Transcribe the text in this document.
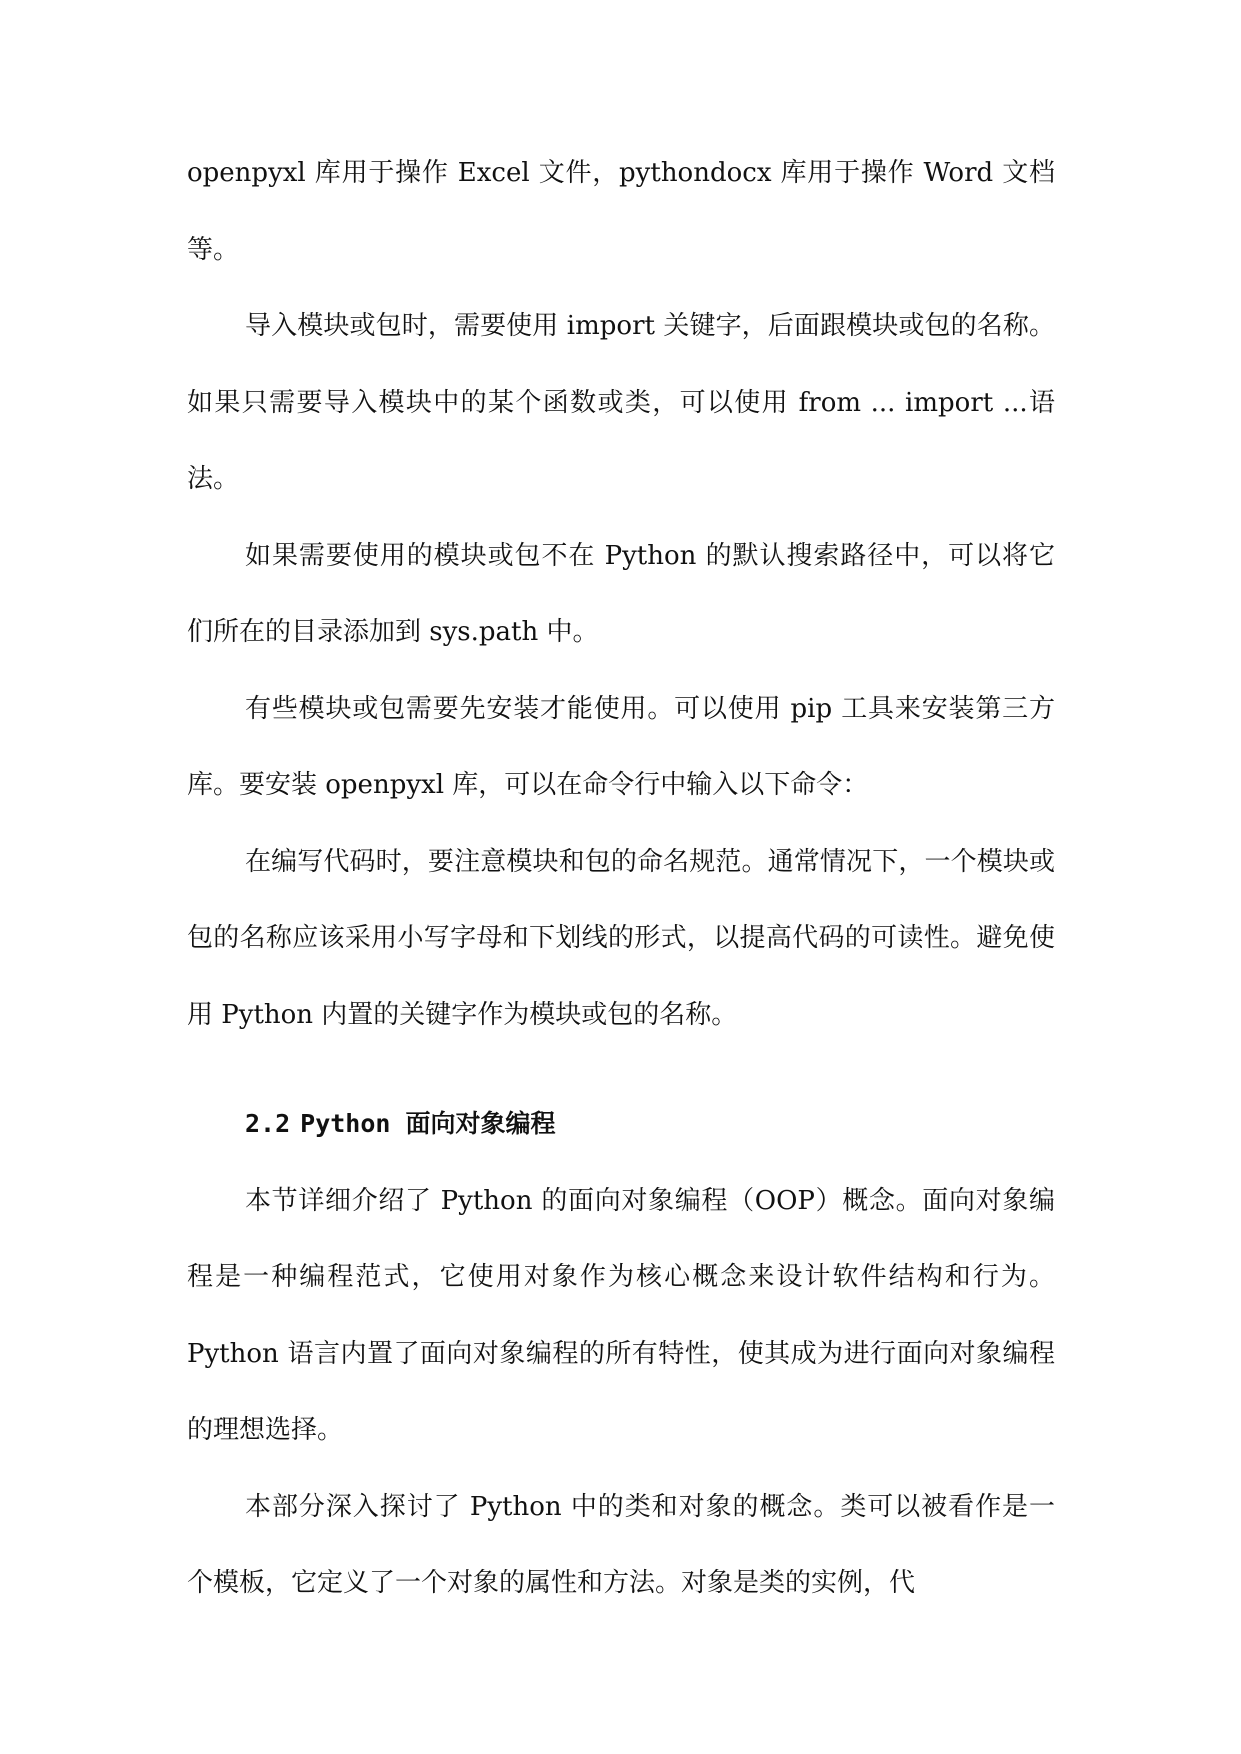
openpyxl 库用于操作 Excel 文件，pythondocx 库用于操作 Word 文档等。

导入模块或包时，需要使用 import 关键字，后面跟模块或包的名称。如果只需要导入模块中的某个函数或类，可以使用 from ... import ...语法。

如果需要使用的模块或包不在 Python 的默认搜索路径中，可以将它们所在的目录添加到 sys.path 中。

有些模块或包需要先安装才能使用。可以使用 pip 工具来安装第三方库。要安装 openpyxl 库，可以在命令行中输入以下命令：

在编写代码时，要注意模块和包的命名规范。通常情况下，一个模块或包的名称应该采用小写字母和下划线的形式，以提高代码的可读性。避免使用 Python 内置的关键字作为模块或包的名称。

2.2 Python 面向对象编程

本节详细介绍了 Python 的面向对象编程（OOP）概念。面向对象编程是一种编程范式，它使用对象作为核心概念来设计软件结构和行为。Python 语言内置了面向对象编程的所有特性，使其成为进行面向对象编程的理想选择。

本部分深入探讨了 Python 中的类和对象的概念。类可以被看作是一个模板，它定义了一个对象的属性和方法。对象是类的实例，代
